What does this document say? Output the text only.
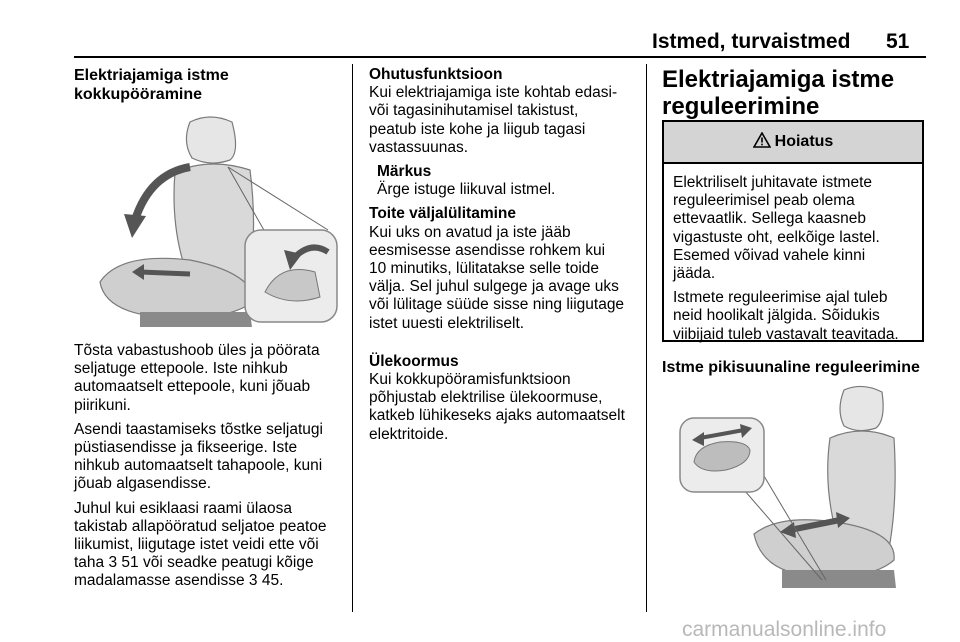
Istmed, turvaistmed 51
Elektriajamiga istme
kokkupööramine

Tõsta vabastushoob üles ja pöörata
seljatuge ettepoole. Iste nihkub
automaatselt ettepoole, kuni jõuab
piirikuni.

Asendi taastamiseks tõstke seljatugi
püstiasendisse ja fikseerige. Iste
nihkub automaatselt tahapoole, kuni
jõuab algasendisse.

Juhul kui esiklaasi raami ülaosa
takistab allapööratud seljatoe peatoe
liikumist, liigutage istet veidi ette või
taha 3 51 või seadke peatugi kõige
madalamasse asendisse 3 45.

Ohutusfunktsioon

Kui elektriajamiga iste kohtab edasi-
või tagasinihutamisel takistust,
peatub iste kohe ja liigub tagasi
vastassuunas.

Märkus

Ärge istuge liikuval istmel.

Toite väljalülitamine

Kui uks on avatud ja iste jääb
eesmisesse asendisse rohkem kui
10 minutiks, lülitatakse selle toide
välja. Sel juhul sulgege ja avage uks
või lülitage süüde sisse ning liigutage
istet uuesti elektriliselt.

Ülekoormus

Kui kokkupööramisfunktsioon
põhjustab elektrilise ülekoormuse,
katkeb lühikeseks ajaks automaatselt
elektritoide.

Elektriajamiga istme
reguleerimine
Hoiatus

Elektriliselt juhitavate istmete
reguleerimisel peab olema
ettevaatlik. Sellega kaasneb
vigastuste oht, eelkõige lastel.
Esemed võivad vahele kinni
jääda.

Istmete reguleerimise ajal tuleb
neid hoolikalt jälgida. Sõidukis
viibijaid tuleb vastavalt teavitada.

Istme pikisuunaline reguleerimine
carmanualsonline.info
